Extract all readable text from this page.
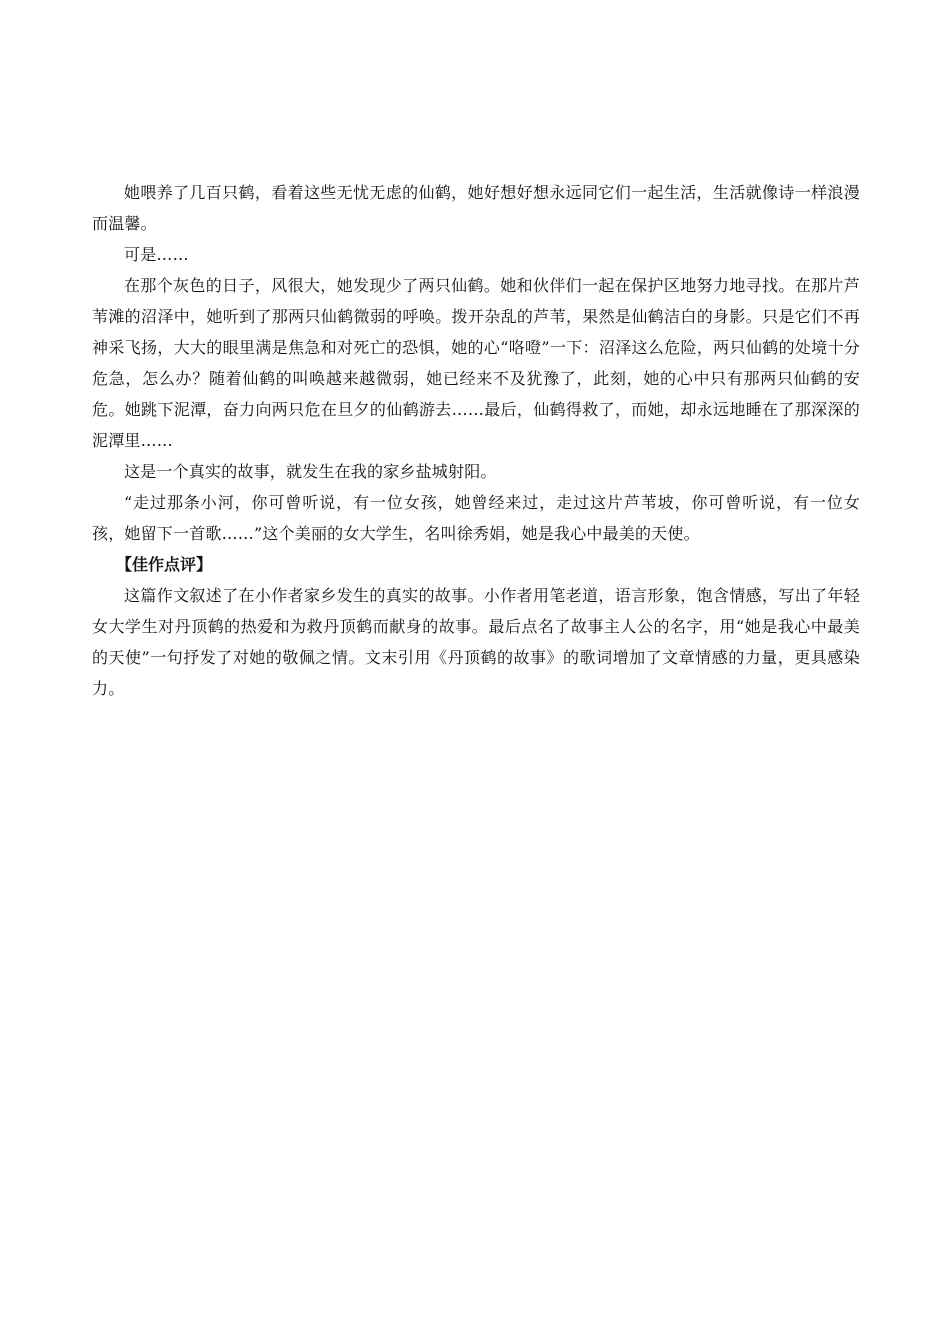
她喂养了几百只鹤，看着这些无忧无虑的仙鹤，她好想好想永远同它们一起生活，生活就像诗一样浪漫而温馨。

可是……

在那个灰色的日子，风很大，她发现少了两只仙鹤。她和伙伴们一起在保护区地努力地寻找。在那片芦苇滩的沼泽中，她听到了那两只仙鹤微弱的呼唤。拨开杂乱的芦苇，果然是仙鹤洁白的身影。只是它们不再神采飞扬，大大的眼里满是焦急和对死亡的恐惧，她的心“咯噔”一下：沼泽这么危险，两只仙鹤的处境十分危急，怎么办？随着仙鹤的叫唤越来越微弱，她已经来不及犹豫了，此刻，她的心中只有那两只仙鹤的安危。她跳下泥潭，奋力向两只危在旦夕的仙鹤游去……最后，仙鹤得救了，而她，却永远地睡在了那深深的泥潭里……

这是一个真实的故事，就发生在我的家乡盐城射阳。

“走过那条小河，你可曾听说，有一位女孩，她曾经来过，走过这片芦苇坡，你可曾听说，有一位女孩，她留下一首歌……”这个美丽的女大学生，名叫徐秀娟，她是我心中最美的天使。

【佳作点评】

这篇作文叙述了在小作者家乡发生的真实的故事。小作者用笔老道，语言形象，饱含情感，写出了年轻女大学生对丹顶鹤的热爱和为救丹顶鹤而献身的故事。最后点名了故事主人公的名字，用“她是我心中最美的天使”一句抒发了对她的敬佩之情。文末引用《丹顶鹤的故事》的歌词增加了文章情感的力量，更具感染力。
